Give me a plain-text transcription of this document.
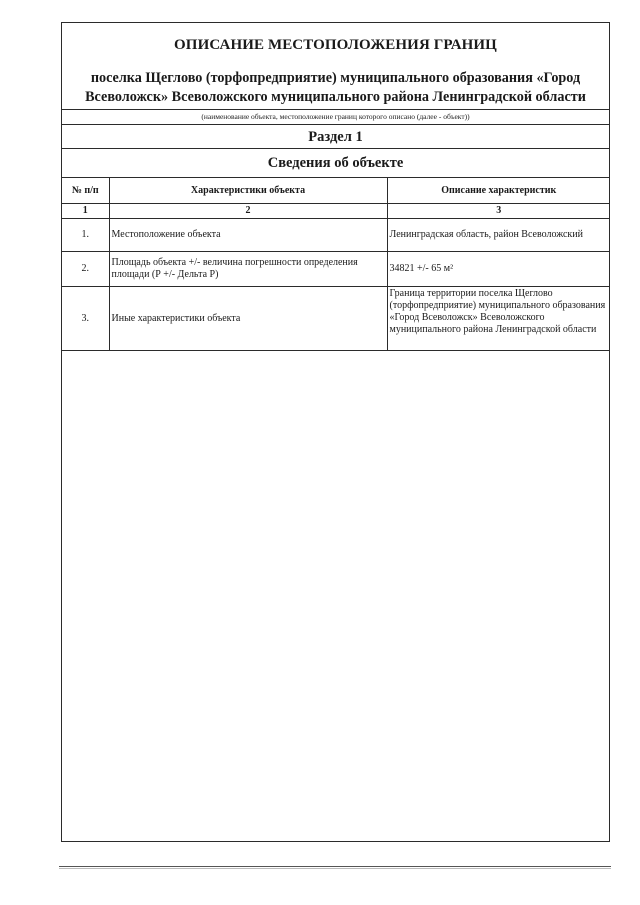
ОПИСАНИЕ МЕСТОПОЛОЖЕНИЯ ГРАНИЦ
поселка Щеглово (торфопредприятие) муниципального образования «Город Всеволожск» Всеволожского муниципального района Ленинградской области
(наименование объекта, местоположение границ которого описано (далее - объект))
Раздел 1
Сведения об объекте
№ п/п	Характеристики объекта	Описание характеристик
1	2	3
1.	Местоположение объекта	Ленинградская область, район Всеволожский
2.	Площадь объекта +/- величина погрешности определения площади (Р +/- Дельта Р)	34821 +/- 65 м²
3.	Иные характеристики объекта	Граница территории поселка Щеглово (торфопредприятие) муниципального образования «Город Всеволожск» Всеволожского муниципального района Ленинградской области
